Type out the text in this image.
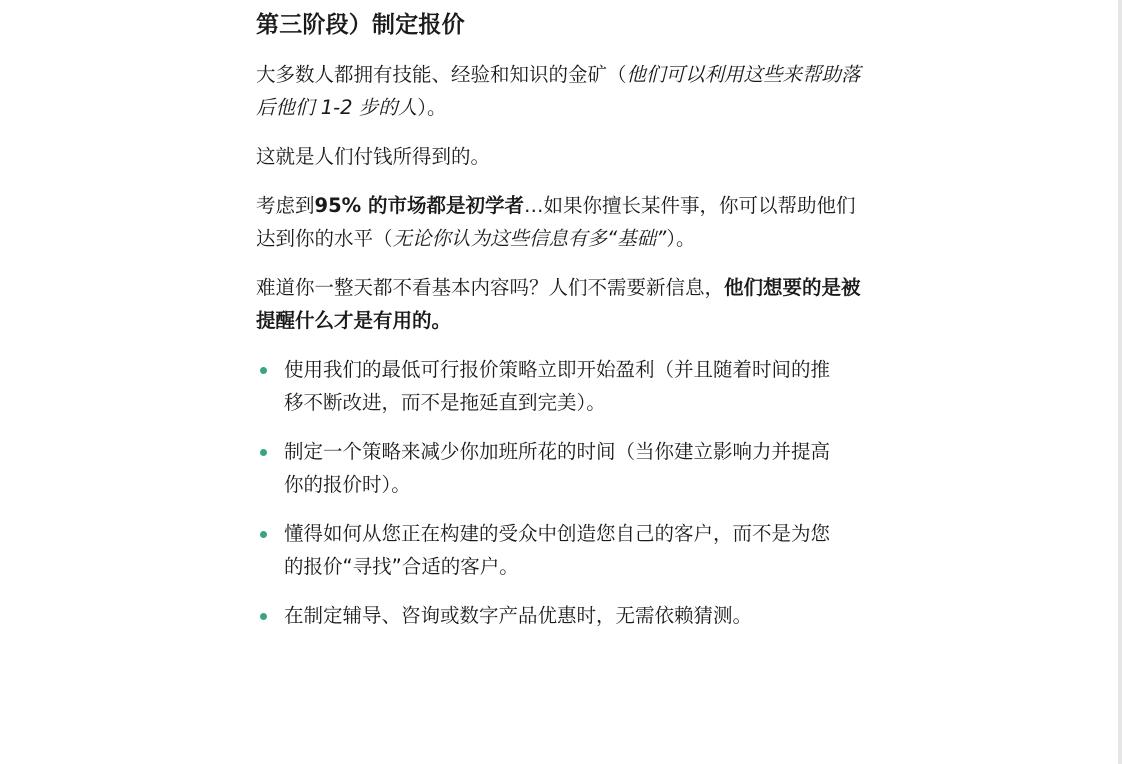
第三阶段）制定报价

大多数人都拥有技能、经验和知识的金矿（他们可以利用这些来帮助落后他们 1-2 步的人）。

这就是人们付钱所得到的。

考虑到95% 的市场都是初学者…如果你擅长某件事，你可以帮助他们达到你的水平（无论你认为这些信息有多“基础”）。

难道你一整天都不看基本内容吗？人们不需要新信息，他们想要的是被提醒什么才是有用的。

使用我们的最低可行报价策略立即开始盈利（并且随着时间的推移不断改进，而不是拖延直到完美）。
制定一个策略来减少你加班所花的时间（当你建立影响力并提高你的报价时）。
懂得如何从您正在构建的受众中创造您自己的客户，而不是为您的报价“寻找”合适的客户。
在制定辅导、咨询或数字产品优惠时，无需依赖猜测。
